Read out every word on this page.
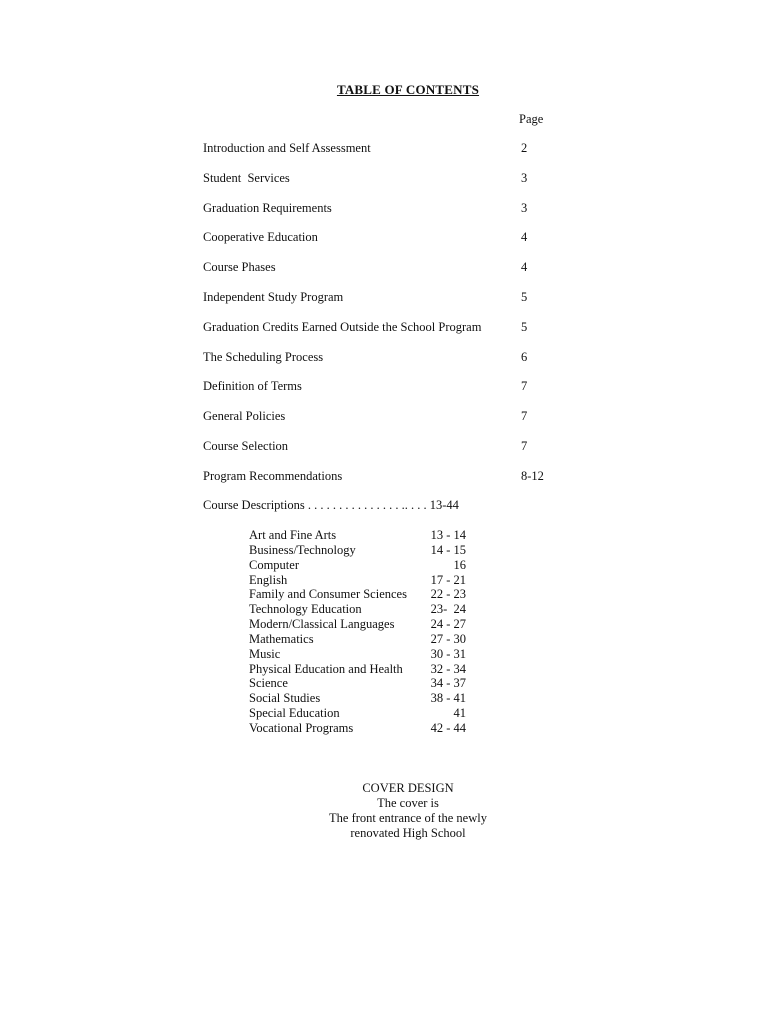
TABLE OF CONTENTS
Page
Introduction and Self Assessment	2
Student  Services	3
Graduation Requirements	3
Cooperative Education	4
Course Phases	4
Independent Study Program	5
Graduation Credits Earned Outside the School Program	5
The Scheduling Process	6
Definition of Terms	7
General Policies	7
Course Selection	7
Program Recommendations	8-12
Course Descriptions . . . . . . . . . . . . . . . .. . . . 13-44
Art and Fine Arts	13 - 14
Business/Technology	14 - 15
Computer	16
English	17 - 21
Family and Consumer Sciences 22 - 23
Technology Education	23-  24
Modern/Classical Languages	24 - 27
Mathematics	27 - 30
Music	30 - 31
Physical Education and Health 32 - 34
Science	34 - 37
Social Studies	38 - 41
Special Education	41
Vocational Programs	42 - 44
COVER DESIGN
The cover is
The front entrance of the newly
renovated High School
